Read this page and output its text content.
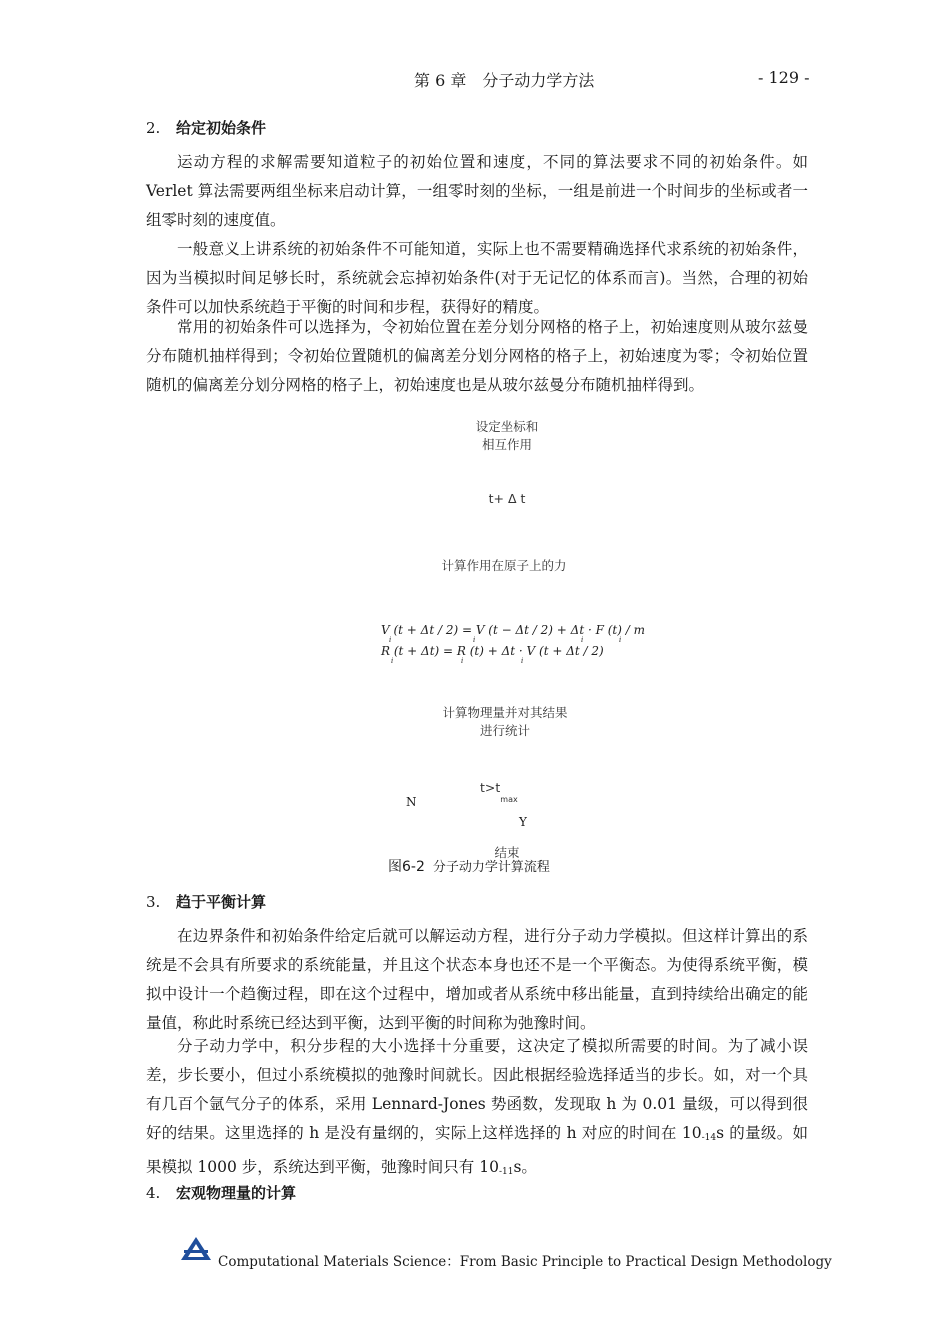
第 6 章　分子动力学方法	- 129 -
2. 给定初始条件

运动方程的求解需要知道粒子的初始位置和速度，不同的算法要求不同的初始条件。如 Verlet 算法需要两组坐标来启动计算，一组零时刻的坐标，一组是前进一个时间步的坐标或者一组零时刻的速度值。

一般意义上讲系统的初始条件不可能知道，实际上也不需要精确选择代求系统的初始条件，因为当模拟时间足够长时，系统就会忘掉初始条件(对于无记忆的体系而言)。当然，合理的初始条件可以加快系统趋于平衡的时间和步程，获得好的精度。

常用的初始条件可以选择为，令初始位置在差分划分网格的格子上，初始速度则从玻尔兹曼分布随机抽样得到；令初始位置随机的偏离差分划分网格的格子上，初始速度为零；令初始位置随机的偏离差分划分网格的格子上，初始速度也是从玻尔兹曼分布随机抽样得到。

设定坐标和
相互作用
t+ Δ t
计算作用在原子上的力
V (t + Δt / 2) = V (t − Δt / 2) + Δt · F (t) / m
R (t + Δt) = R (t) + Δt · V (t + Δt / 2)
i	i	i	i
i	i	i
计算物理量并对其结果
进行统计
$t>t_{max}$
N
Y
结束
图6-2 分子动力学计算流程
3. 趋于平衡计算

在边界条件和初始条件给定后就可以解运动方程，进行分子动力学模拟。但这样计算出的系统是不会具有所要求的系统能量，并且这个状态本身也还不是一个平衡态。为使得系统平衡，模拟中设计一个趋衡过程，即在这个过程中，增加或者从系统中移出能量，直到持续给出确定的能量值，称此时系统已经达到平衡，达到平衡的时间称为弛豫时间。

分子动力学中，积分步程的大小选择十分重要，这决定了模拟所需要的时间。为了减小误差，步长要小，但过小系统模拟的弛豫时间就长。因此根据经验选择适当的步长。如，对一个具有几百个氩气分子的体系，采用 Lennard-Jones 势函数，发现取 h 为 0.01 量级，可以得到很好的结果。这里选择的 h 是没有量纲的，实际上这样选择的 h 对应的时间在 $10_{-14}s$ 的量级。如果模拟 1000 步，系统达到平衡，弛豫时间只有 $10_{-11}s$。

4. 宏观物理量的计算
Computational Materials Science：From Basic Principle to Practical Design Methodology
